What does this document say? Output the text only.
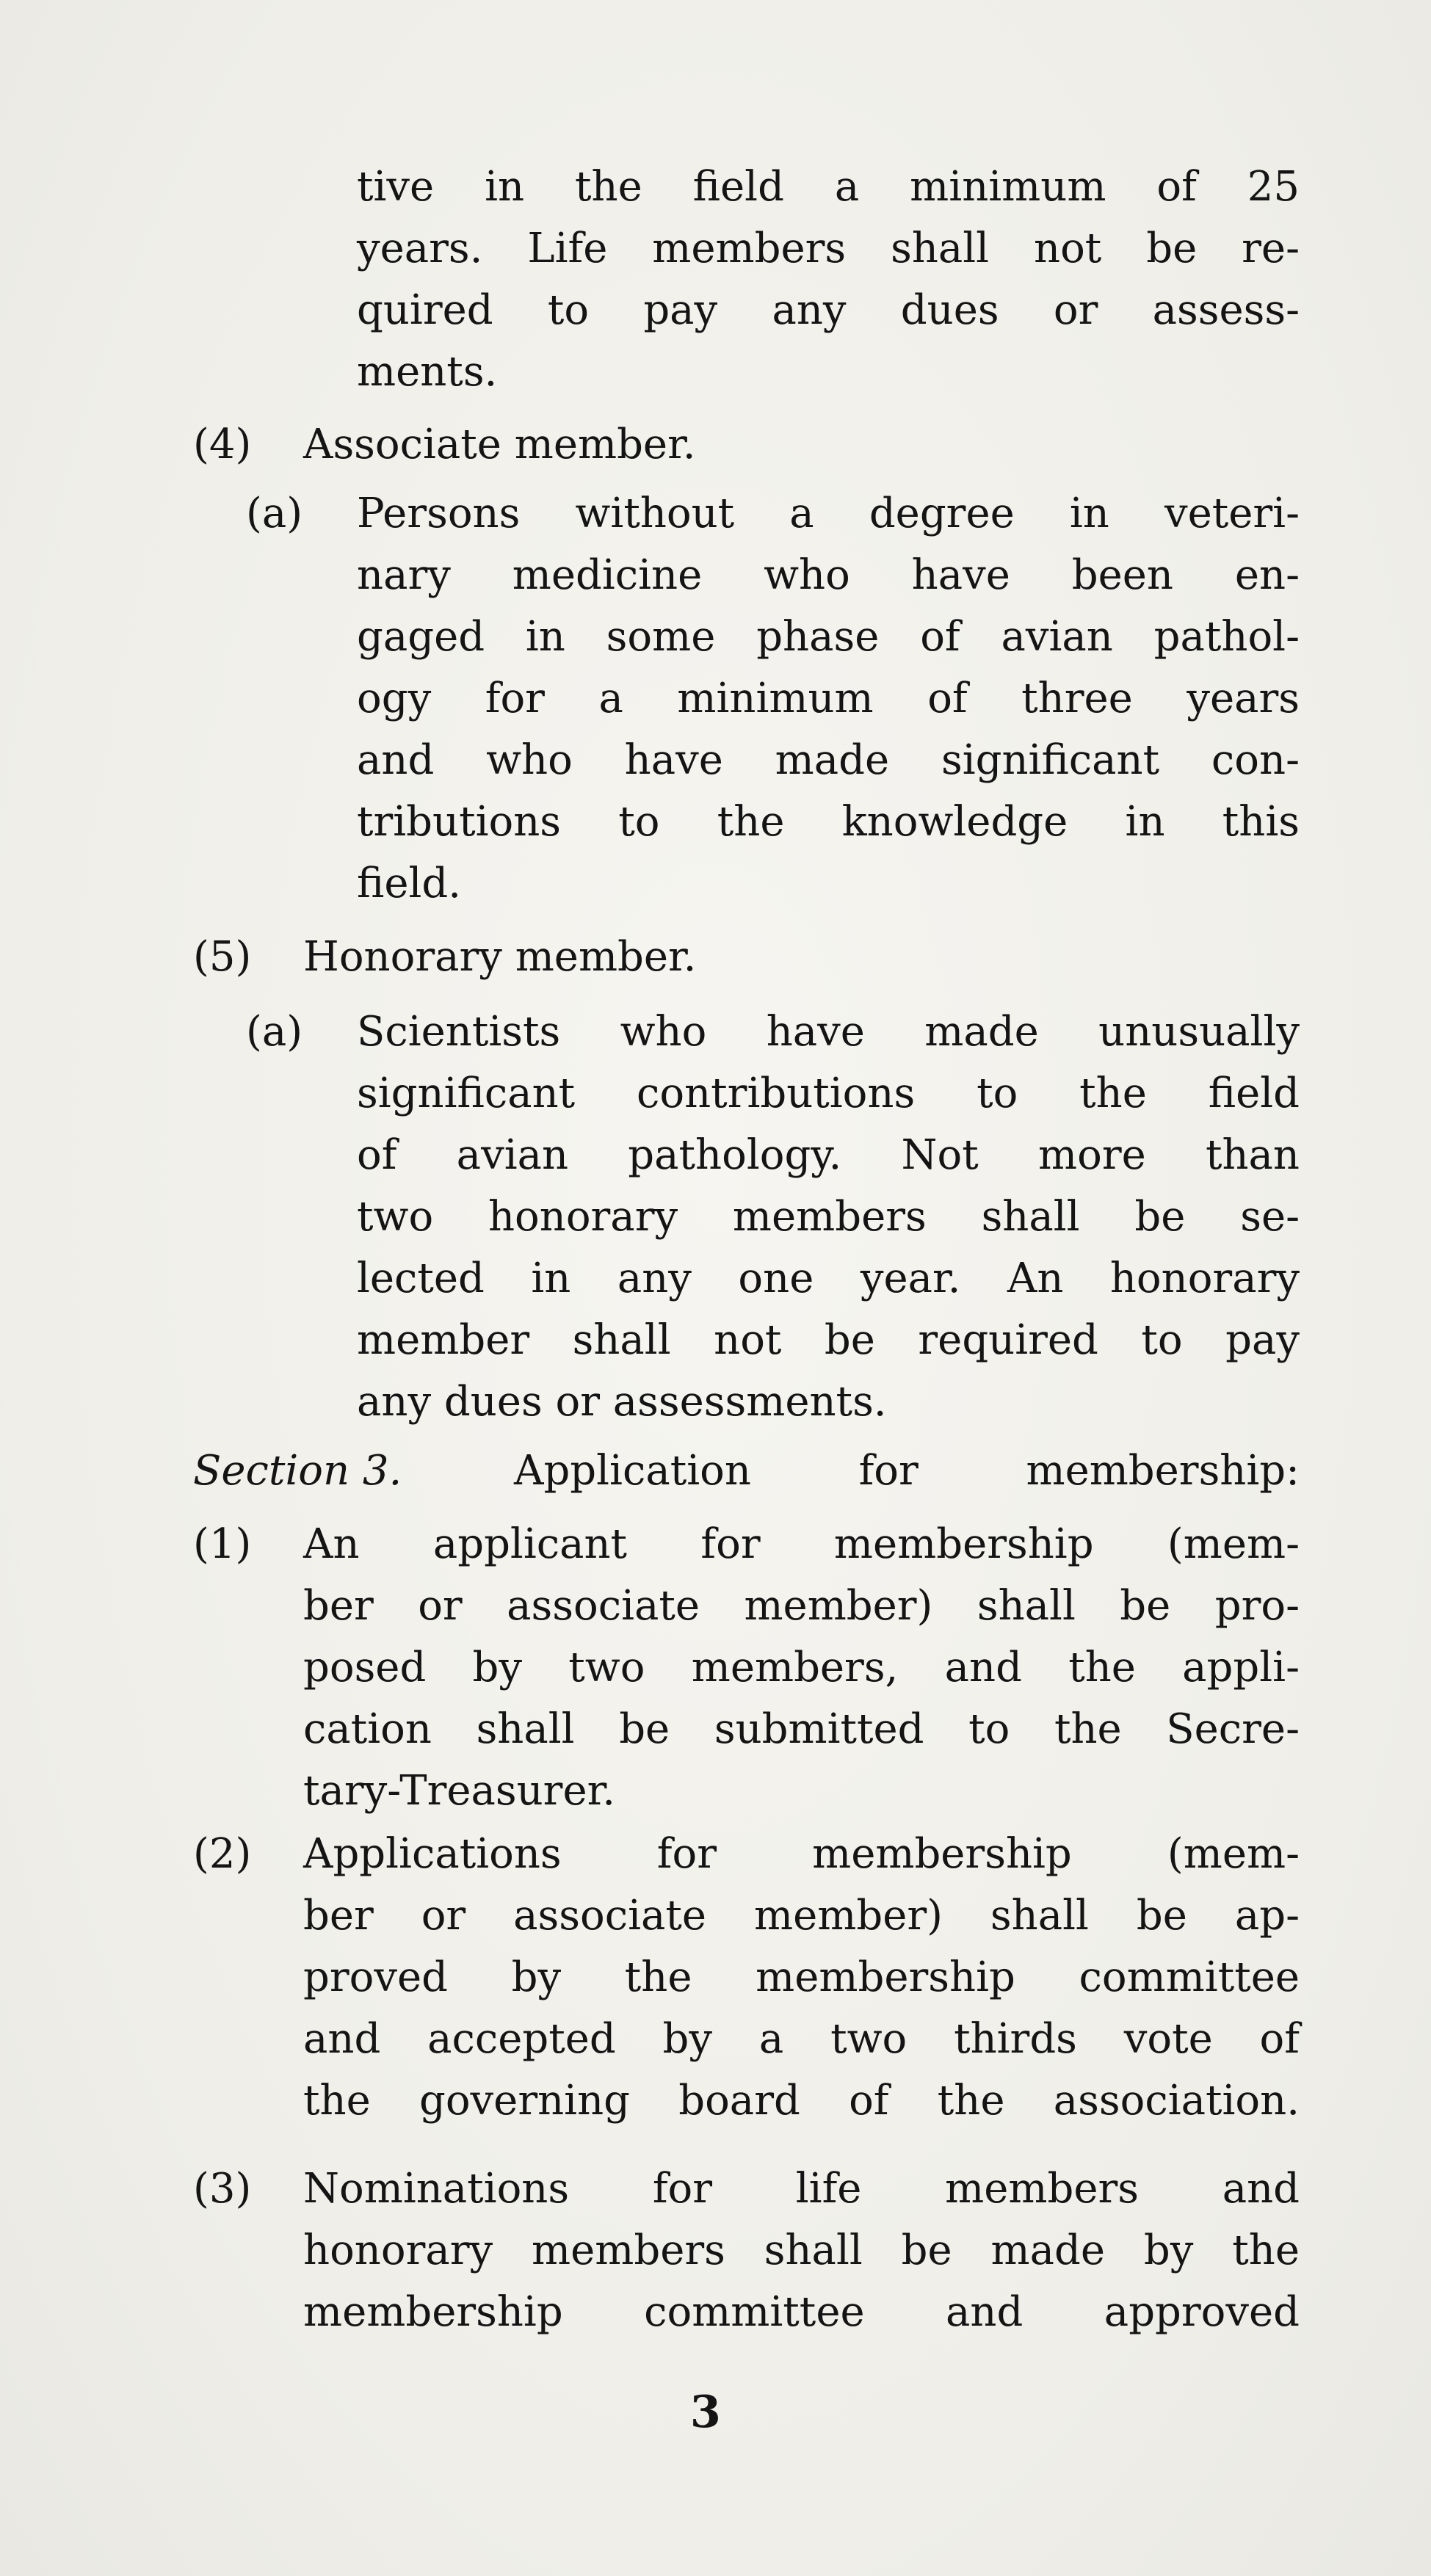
tive in the field a minimum of 25
years. Life members shall not be re-
quired to pay any dues or assess-
ments.
(4) Associate member.
(a) Persons without a degree in veteri-
nary medicine who have been en-
gaged in some phase of avian pathol-
ogy for a minimum of three years
and who have made significant con-
tributions to the knowledge in this
field.
(5) Honorary member.
(a) Scientists who have made unusually
significant contributions to the field
of avian pathology. Not more than
two honorary members shall be se-
lected in any one year. An honorary
member shall not be required to pay
any dues or assessments.
Section 3.	Application for membership:
(1) An applicant for membership (mem-
ber or associate member) shall be pro-
posed by two members, and the appli-
cation shall be submitted to the Secre-
tary-Treasurer.
(2) Applications for membership (mem-
ber or associate member) shall be ap-
proved by the membership committee
and accepted by a two thirds vote of
the governing board of the association.
(3) Nominations for life members and
honorary members shall be made by the
membership committee and approved
3
